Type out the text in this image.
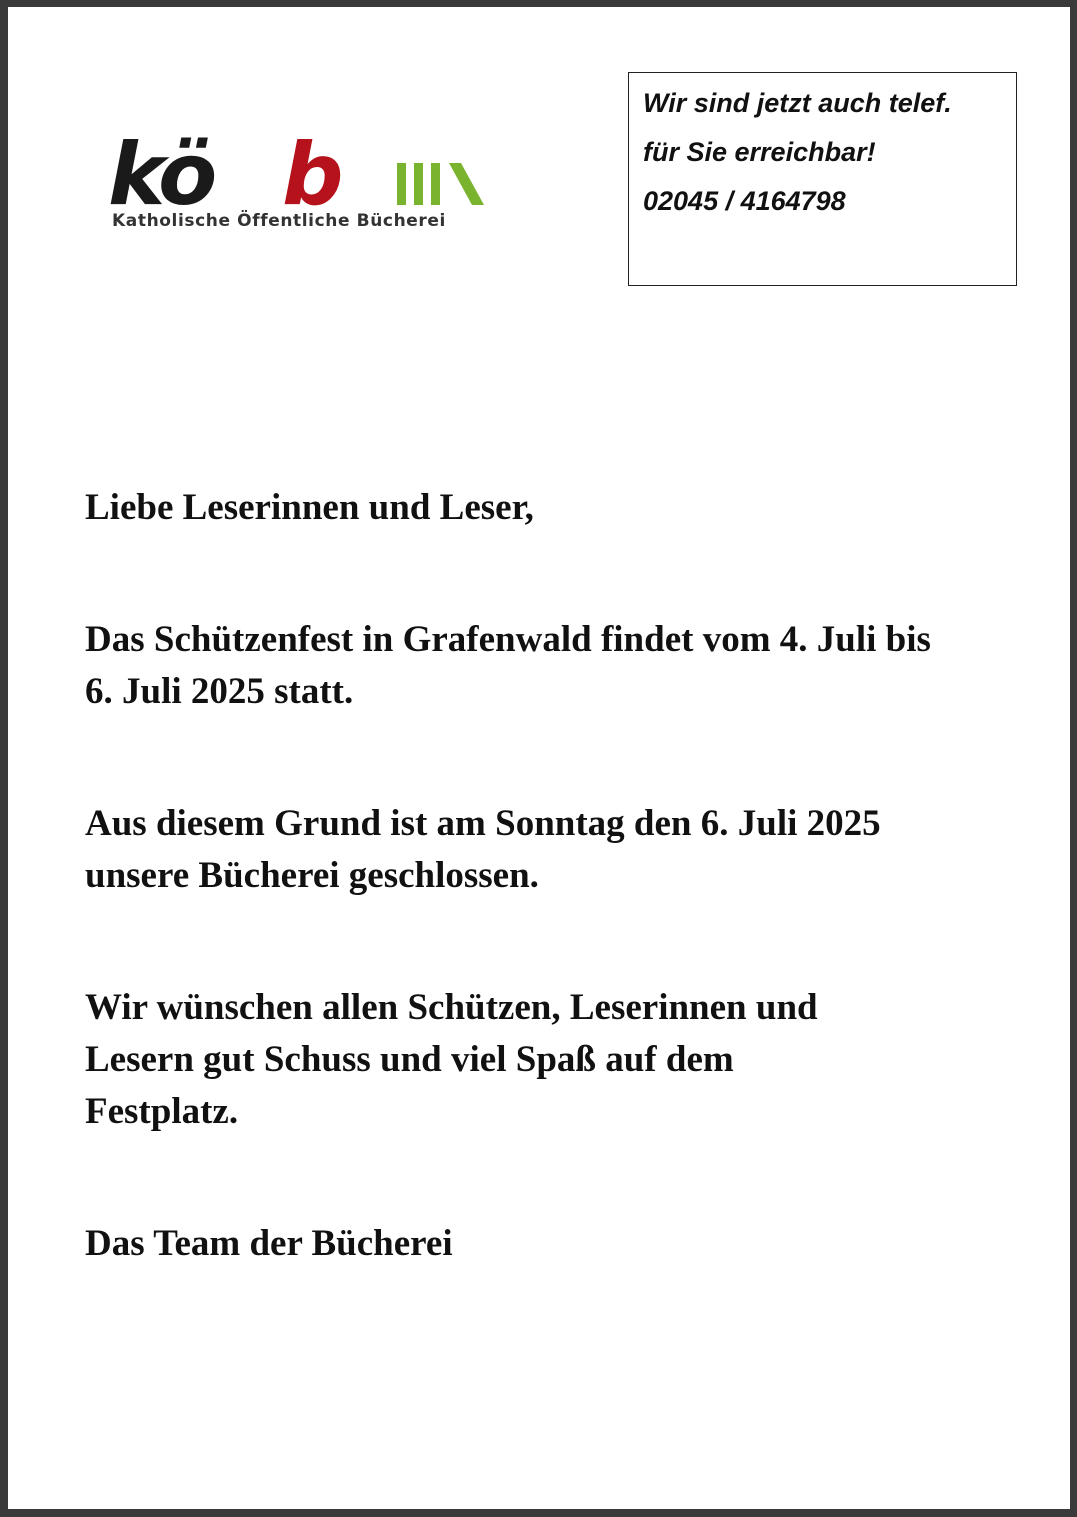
kö b
Katholische Öffentliche Bücherei

Wir sind jetzt auch telef.

für Sie erreichbar!

02045 / 4164798

Liebe Leserinnen und Leser,

Das Schützenfest in Grafenwald findet vom 4. Juli bis 6. Juli 2025 statt.

Aus diesem Grund ist am Sonntag den 6. Juli 2025 unsere Bücherei geschlossen.

Wir wünschen allen Schützen, Leserinnen und Lesern gut Schuss und viel Spaß auf dem Festplatz.

Das Team der Bücherei
